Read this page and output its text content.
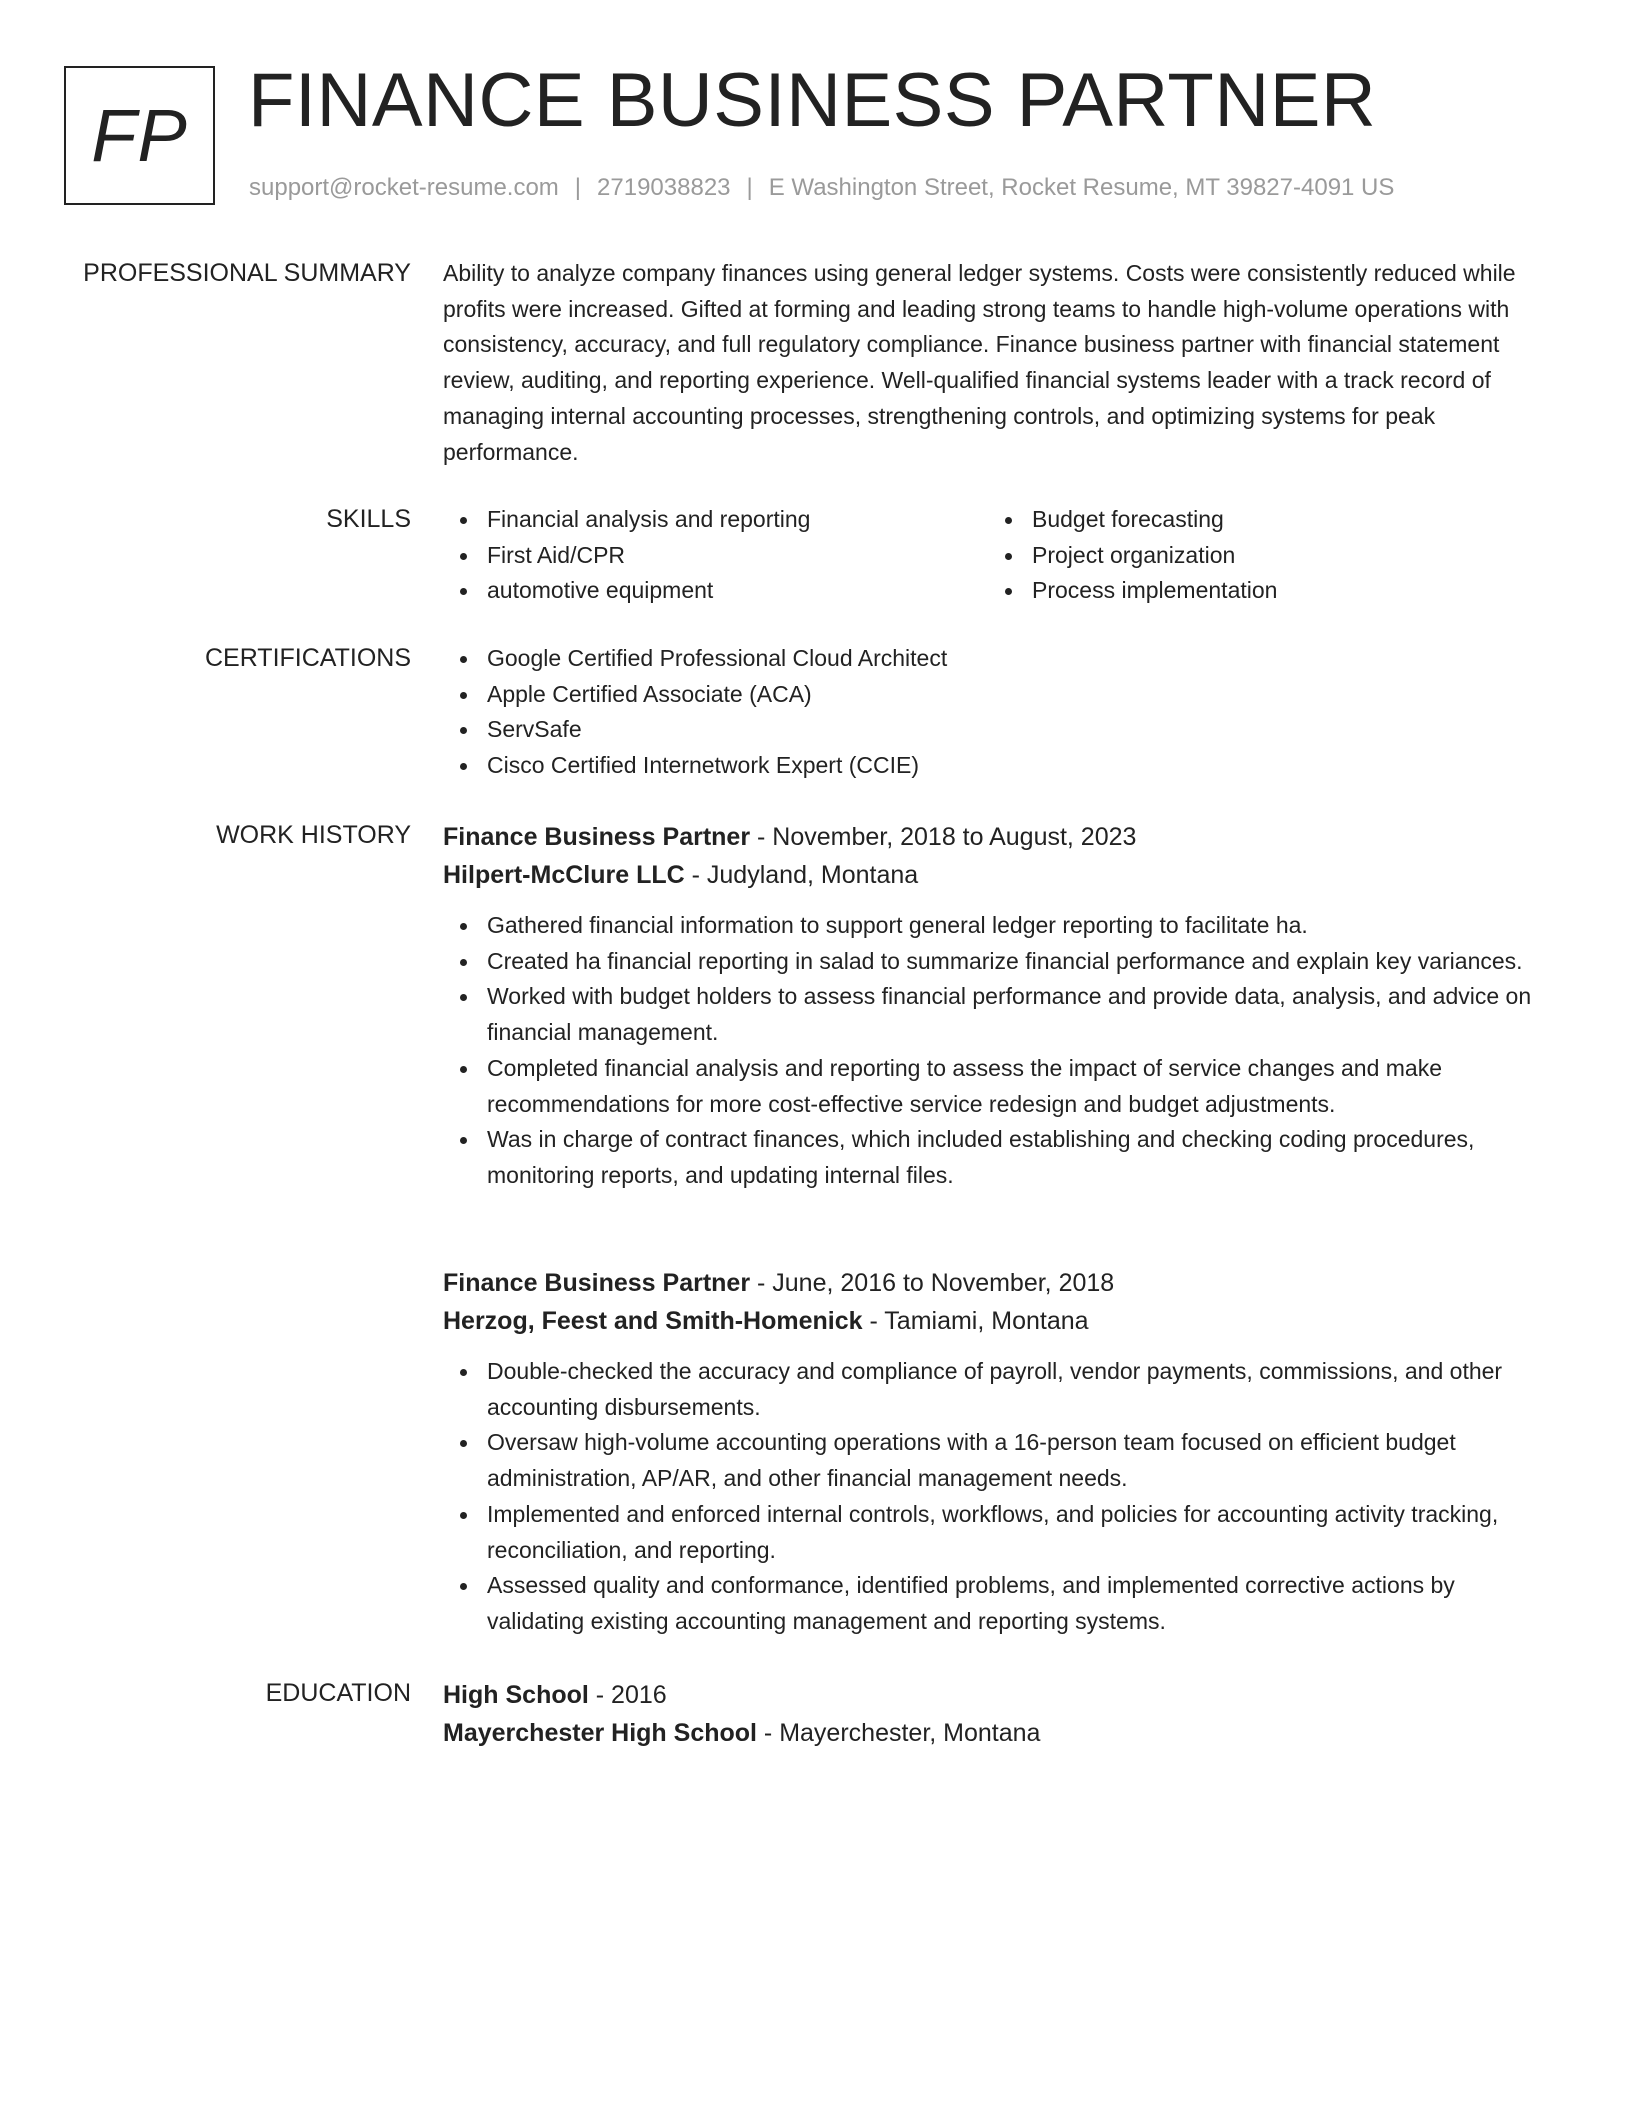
FP FINANCE BUSINESS PARTNER
support@rocket-resume.com | 2719038823 | E Washington Street, Rocket Resume, MT 39827-4091 US
PROFESSIONAL SUMMARY Ability to analyze company finances using general ledger systems. Costs were consistently reduced while profits were increased. Gifted at forming and leading strong teams to handle high-volume operations with consistency, accuracy, and full regulatory compliance. Finance business partner with financial statement review, auditing, and reporting experience. Well-qualified financial systems leader with a track record of managing internal accounting processes, strengthening controls, and optimizing systems for peak performance.

SKILLS	Financial analysis and reporting
First Aid/CPR
automotive equipment
Budget forecasting
Project organization
Process implementation
CERTIFICATIONS	Google Certified Professional Cloud Architect
Apple Certified Associate (ACA)
ServSafe
Cisco Certified Internetwork Expert (CCIE)
WORK HISTORY Finance Business Partner - November, 2018 to August, 2023
Hilpert-McClure LLC - Judyland, Montana
Gathered financial information to support general ledger reporting to facilitate ha.
Created ha financial reporting in salad to summarize financial performance and explain key variances.
Worked with budget holders to assess financial performance and provide data, analysis, and advice on financial management.
Completed financial analysis and reporting to assess the impact of service changes and make recommendations for more cost-effective service redesign and budget adjustments.
Was in charge of contract finances, which included establishing and checking coding procedures, monitoring reports, and updating internal files.
Finance Business Partner - June, 2016 to November, 2018
Herzog, Feest and Smith-Homenick - Tamiami, Montana
Double-checked the accuracy and compliance of payroll, vendor payments, commissions, and other accounting disbursements.
Oversaw high-volume accounting operations with a 16-person team focused on efficient budget administration, AP/AR, and other financial management needs.
Implemented and enforced internal controls, workflows, and policies for accounting activity tracking, reconciliation, and reporting.
Assessed quality and conformance, identified problems, and implemented corrective actions by validating existing accounting management and reporting systems.
EDUCATION High School - 2016
Mayerchester High School - Mayerchester, Montana
